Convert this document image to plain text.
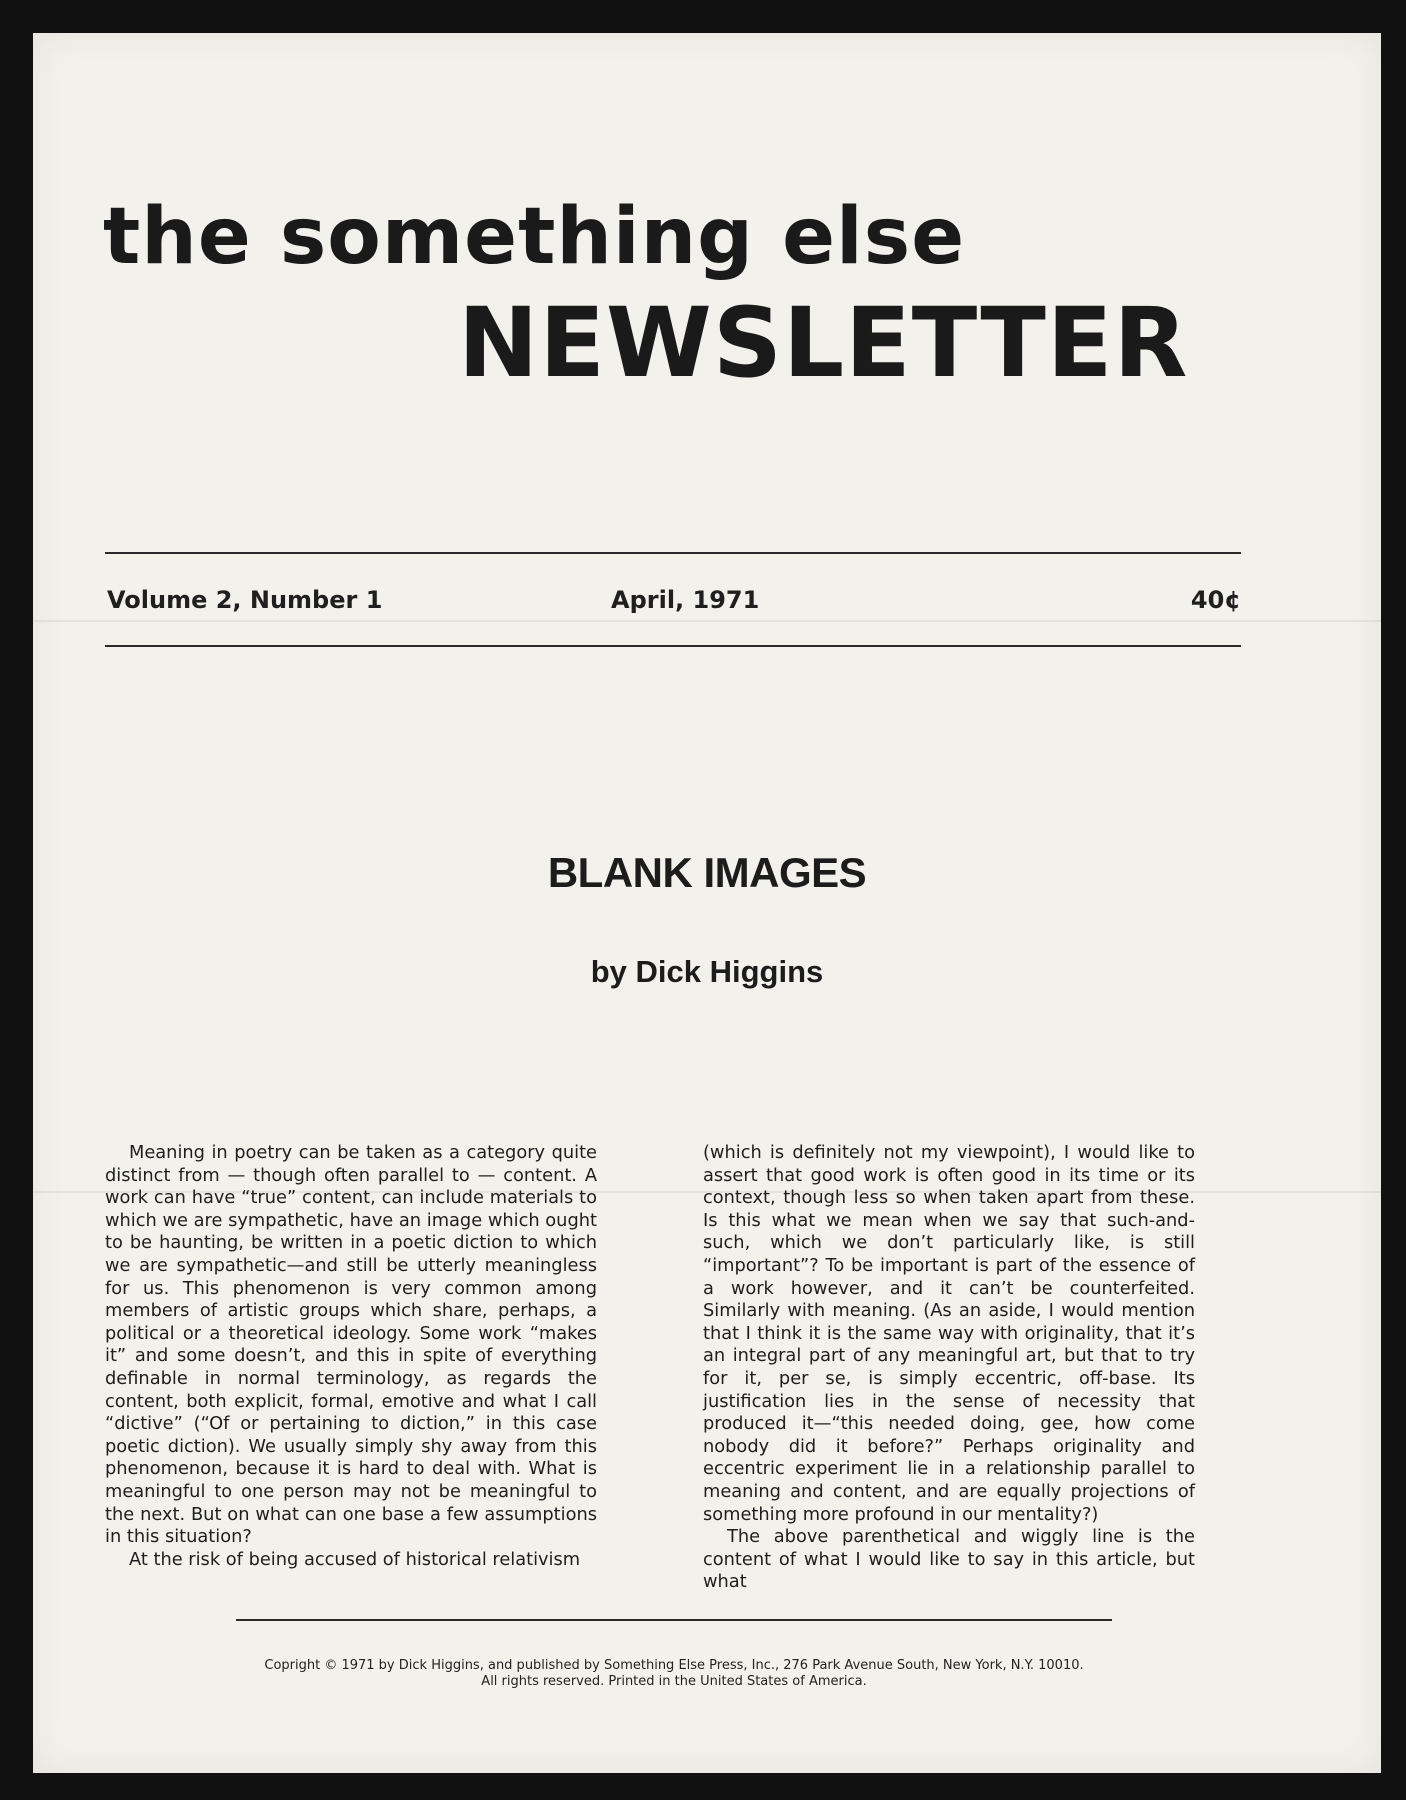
the something else
NEWSLETTER
Volume 2, Number 1	April, 1971	40¢
BLANK IMAGES
by Dick Higgins

Meaning in poetry can be taken as a category quite distinct from — though often parallel to — content. A work can have “true” content, can include materials to which we are sympathetic, have an image which ought to be haunting, be written in a poetic diction to which we are sympathetic—and still be utterly meaningless for us. This phenomenon is very common among members of artistic groups which share, perhaps, a political or a theoretical ideology. Some work “makes it” and some doesn’t, and this in spite of everything definable in normal terminology, as regards the content, both explicit, formal, emotive and what I call “dictive” (“Of or pertaining to diction,” in this case poetic diction). We usually simply shy away from this phenomenon, because it is hard to deal with. What is meaningful to one person may not be meaningful to the next. But on what can one base a few assumptions in this situation?

At the risk of being accused of historical relativism

(which is definitely not my viewpoint), I would like to assert that good work is often good in its time or its context, though less so when taken apart from these. Is this what we mean when we say that such-and-such, which we don’t particularly like, is still “important”? To be important is part of the essence of a work however, and it can’t be counterfeited. Similarly with meaning. (As an aside, I would mention that I think it is the same way with originality, that it’s an integral part of any meaningful art, but that to try for it, per se, is simply eccentric, off-base. Its justification lies in the sense of necessity that produced it—“this needed doing, gee, how come nobody did it before?” Perhaps originality and eccentric experiment lie in a relationship parallel to meaning and content, and are equally projections of something more profound in our mentality?)

The above parenthetical and wiggly line is the content of what I would like to say in this article, but what

Copright © 1971 by Dick Higgins, and published by Something Else Press, Inc., 276 Park Avenue South, New York, N.Y. 10010.
All rights reserved. Printed in the United States of America.
